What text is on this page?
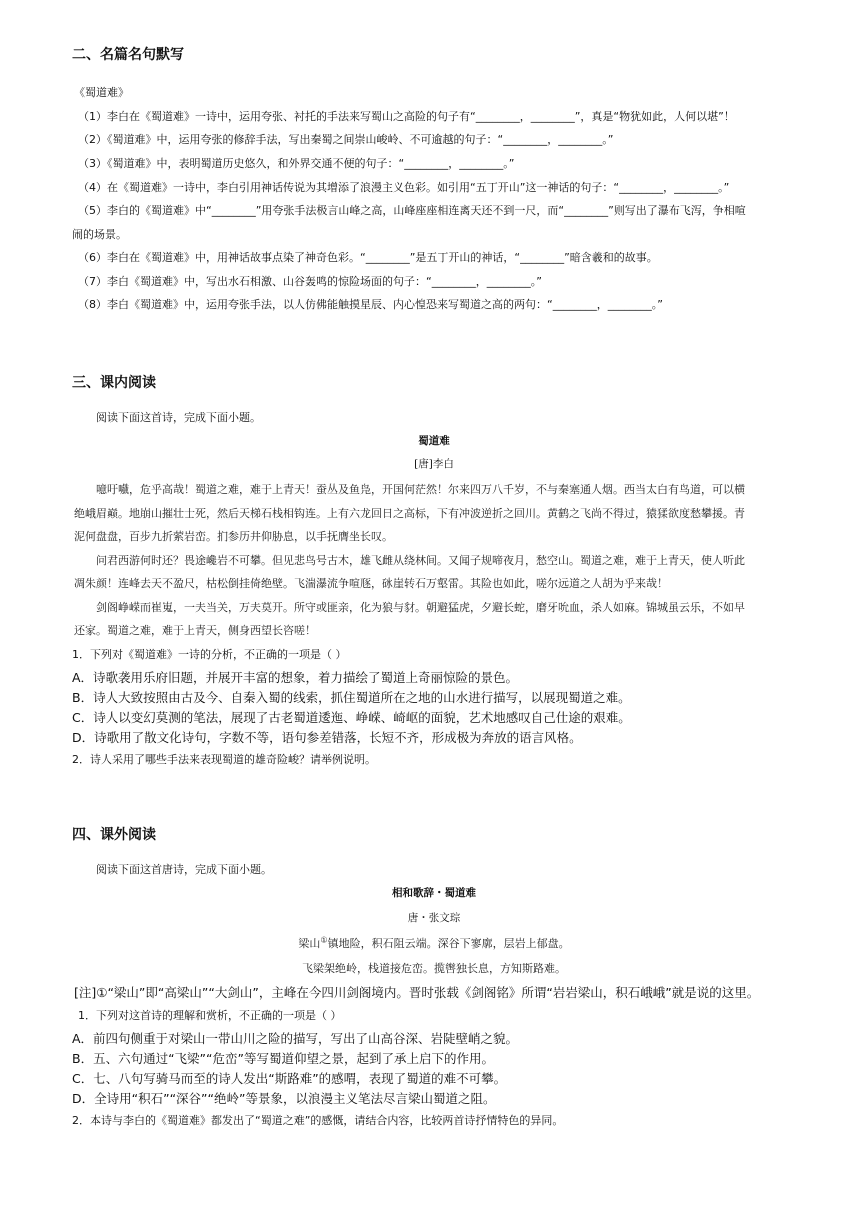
二、名篇名句默写
《蜀道难》
（1）李白在《蜀道难》一诗中，运用夸张、衬托的手法来写蜀山之高险的句子有“________，________”，真是“物犹如此，人何以堪”！
（2）《蜀道难》中，运用夸张的修辞手法，写出秦蜀之间崇山峻岭、不可逾越的句子：“________，________。”
（3）《蜀道难》中，表明蜀道历史悠久，和外界交通不便的句子：“________，________。”
（4）在《蜀道难》一诗中，李白引用神话传说为其增添了浪漫主义色彩。如引用“五丁开山”这一神话的句子：“________，________。”
（5）李白的《蜀道难》中“________”用夸张手法极言山峰之高，山峰座座相连离天还不到一尺，而“________”则写出了瀑布飞泻，争相喧
闹的场景。
（6）李白在《蜀道难》中，用神话故事点染了神奇色彩。“________”是五丁开山的神话，“________”暗含羲和的故事。
（7）李白《蜀道难》中，写出水石相激、山谷轰鸣的惊险场面的句子：“________，________。”
（8）李白《蜀道难》中，运用夸张手法，以人仿佛能触摸星辰、内心惶恐来写蜀道之高的两句：“________，________。”
三、课内阅读
阅读下面这首诗，完成下面小题。
蜀道难
[唐]李白
噫吁嚱，危乎高哉！蜀道之难，难于上青天！蚕丛及鱼凫，开国何茫然！尔来四万八千岁，不与秦塞通人烟。西当太白有鸟道，可以横
绝峨眉巅。地崩山摧壮士死，然后天梯石栈相钩连。上有六龙回日之高标，下有冲波逆折之回川。黄鹤之飞尚不得过，猿猱欲度愁攀援。青
泥何盘盘，百步九折萦岩峦。扪参历井仰胁息，以手抚膺坐长叹。
问君西游何时还？畏途巉岩不可攀。但见悲鸟号古木，雄飞雌从绕林间。又闻子规啼夜月，愁空山。蜀道之难，难于上青天，使人听此
凋朱颜！连峰去天不盈尺，枯松倒挂倚绝壁。飞湍瀑流争喧豗，砯崖转石万壑雷。其险也如此，嗟尔远道之人胡为乎来哉！
剑阁峥嵘而崔嵬，一夫当关，万夫莫开。所守或匪亲，化为狼与豺。朝避猛虎，夕避长蛇，磨牙吮血，杀人如麻。锦城虽云乐，不如早
还家。蜀道之难，难于上青天，侧身西望长咨嗟！
1．下列对《蜀道难》一诗的分析，不正确的一项是（ ）
A．诗歌袭用乐府旧题，并展开丰富的想象，着力描绘了蜀道上奇丽惊险的景色。
B．诗人大致按照由古及今、自秦入蜀的线索，抓住蜀道所在之地的山水进行描写，以展现蜀道之难。
C．诗人以变幻莫测的笔法，展现了古老蜀道逶迤、峥嵘、崎岖的面貌，艺术地感叹自己仕途的艰难。
D．诗歌用了散文化诗句，字数不等，语句参差错落，长短不齐，形成极为奔放的语言风格。
2．诗人采用了哪些手法来表现蜀道的雄奇险峻？请举例说明。
四、课外阅读
阅读下面这首唐诗，完成下面小题。
相和歌辞・蜀道难
唐・张文琮
梁山①镇地险，积石阻云端。深谷下寥廓，层岩上郁盘。
飞梁架绝岭，栈道接危峦。揽辔独长息，方知斯路难。
[注]①“梁山”即“高梁山”“大剑山”，主峰在今四川剑阁境内。晋时张载《剑阁铭》所谓“岩岩梁山，积石峨峨”就是说的这里。
1．下列对这首诗的理解和赏析，不正确的一项是（ ）
A．前四句侧重于对梁山一带山川之险的描写，写出了山高谷深、岩陡壁峭之貌。
B．五、六句通过“飞梁”“危峦”等写蜀道仰望之景，起到了承上启下的作用。
C．七、八句写骑马而至的诗人发出“斯路难”的感喟，表现了蜀道的难不可攀。
D．全诗用“积石”“深谷”“绝岭”等景象，以浪漫主义笔法尽言梁山蜀道之阻。
2．本诗与李白的《蜀道难》都发出了“蜀道之难”的感慨，请结合内容，比较两首诗抒情特色的异同。
